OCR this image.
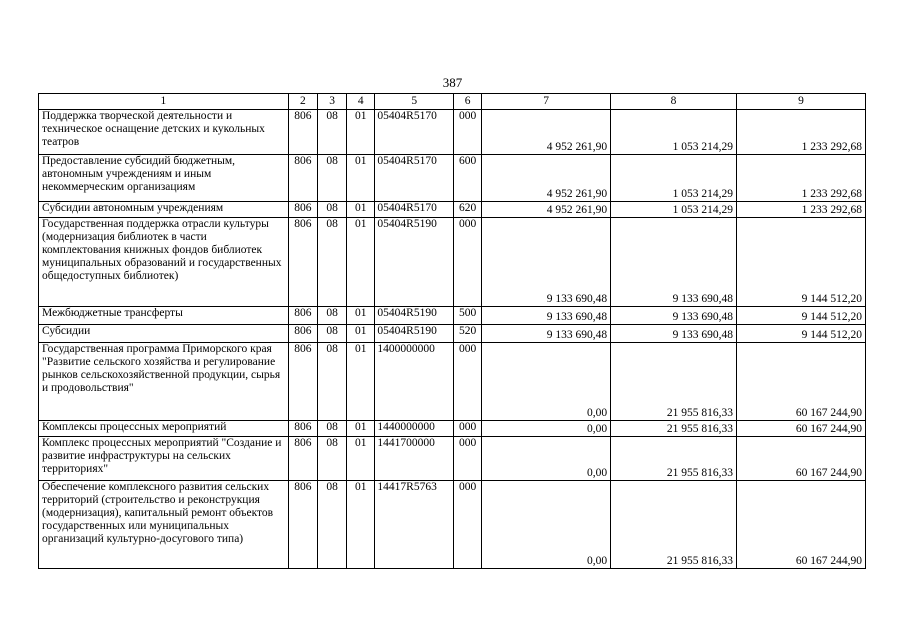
387
1	2	3	4	5	6	7	8	9
Поддержка творческой деятельности и техническое оснащение детских и кукольных театров	806	08	01	05404R5170	000	4 952 261,90	1 053 214,29	1 233 292,68
Предоставление субсидий бюджетным, автономным учреждениям и иным некоммерческим организациям	806	08	01	05404R5170	600	4 952 261,90	1 053 214,29	1 233 292,68
Субсидии автономным учреждениям	806	08	01	05404R5170	620	4 952 261,90	1 053 214,29	1 233 292,68
Государственная поддержка отрасли культуры (модернизация библиотек в части комплектования книжных фондов библиотек муниципальных образований и государственных общедоступных библиотек)	806	08	01	05404R5190	000	9 133 690,48	9 133 690,48	9 144 512,20
Межбюджетные трансферты	806	08	01	05404R5190	500	9 133 690,48	9 133 690,48	9 144 512,20
Субсидии	806	08	01	05404R5190	520	9 133 690,48	9 133 690,48	9 144 512,20
Государственная программа Приморского края "Развитие сельского хозяйства и регулирование рынков сельскохозяйственной продукции, сырья и продовольствия"	806	08	01	1400000000	000	0,00	21 955 816,33	60 167 244,90
Комплексы процессных мероприятий	806	08	01	1440000000	000	0,00	21 955 816,33	60 167 244,90
Комплекс процессных мероприятий "Создание и развитие инфраструктуры на сельских территориях"	806	08	01	1441700000	000	0,00	21 955 816,33	60 167 244,90
Обеспечение комплексного развития сельских территорий (строительство и реконструкция (модернизация), капитальный ремонт объектов государственных или муниципальных организаций культурно-досугового типа)	806	08	01	14417R5763	000	0,00	21 955 816,33	60 167 244,90
